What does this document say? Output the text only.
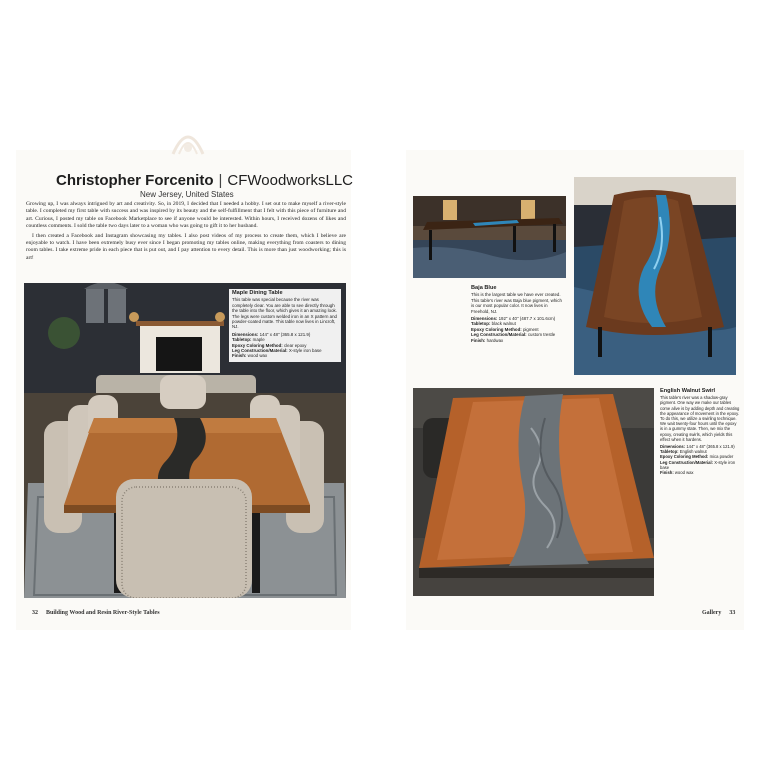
Christopher Forcenito | CFWoodworksLLC
New Jersey, United States

Growing up, I was always intrigued by art and creativity. So, in 2019, I decided that I needed a hobby. I set out to make myself a river-style table. I completed my first table with success and was inspired by its beauty and the self-fulfillment that I felt with this piece of furniture and art. Curious, I posted my table on Facebook Marketplace to see if anyone would be interested. Within hours, I received dozens of likes and countless comments. I sold the table two days later to a woman who was going to gift it to her husband.

I then created a Facebook and Instagram showcasing my tables. I also post videos of my process to create them, which I believe are enjoyable to watch. I have been extremely busy ever since I began promoting my tables online, making everything from coasters to dining room tables. I take extreme pride in each piece that is put out, and I pay attention to every detail. This is more than just woodworking; this is art!

Maple Dining Table
This table was special because the river was completely clear. You are able to see directly through the table into the floor, which gives it an amazing look. The legs were custom welded iron in an X pattern and powder-coated matte. This table now lives in Lincroft, NJ.
Dimensions: 144" x 48" (365.8 x 121.9)
Tabletop: maple
Epoxy Coloring Method: clear epoxy
Leg Construction/Material: X-style iron base
Finish: wood wax
Baja Blue
This is the largest table we have ever created. This table's river was Baja blue pigment, which is our most popular color. It now lives in Freehold, NJ.
Dimensions: 192" x 40" (487.7 x 101.6cm)
Tabletop: black walnut
Epoxy Coloring Method: pigment
Leg Construction/Material: custom trestle
Finish: hardwax
English Walnut Swirl
This table's river was a shadow-gray pigment. One way we make our tables come alive is by adding depth and creating the appearance of movement in the epoxy. To do this, we utilize a swirling technique. We wait twenty-four hours until the epoxy is in a gummy state. Then, we mix the epoxy, creating swirls, which yields this effect when it hardens.
Dimensions: 144" x 48" (365.8 x 121.9)
Tabletop: English walnut
Epoxy Coloring Method: mica powder
Leg Construction/Material: X-style iron base
Finish: wood wax
32 Building Wood and Resin River-Style Tables	Gallery 33
